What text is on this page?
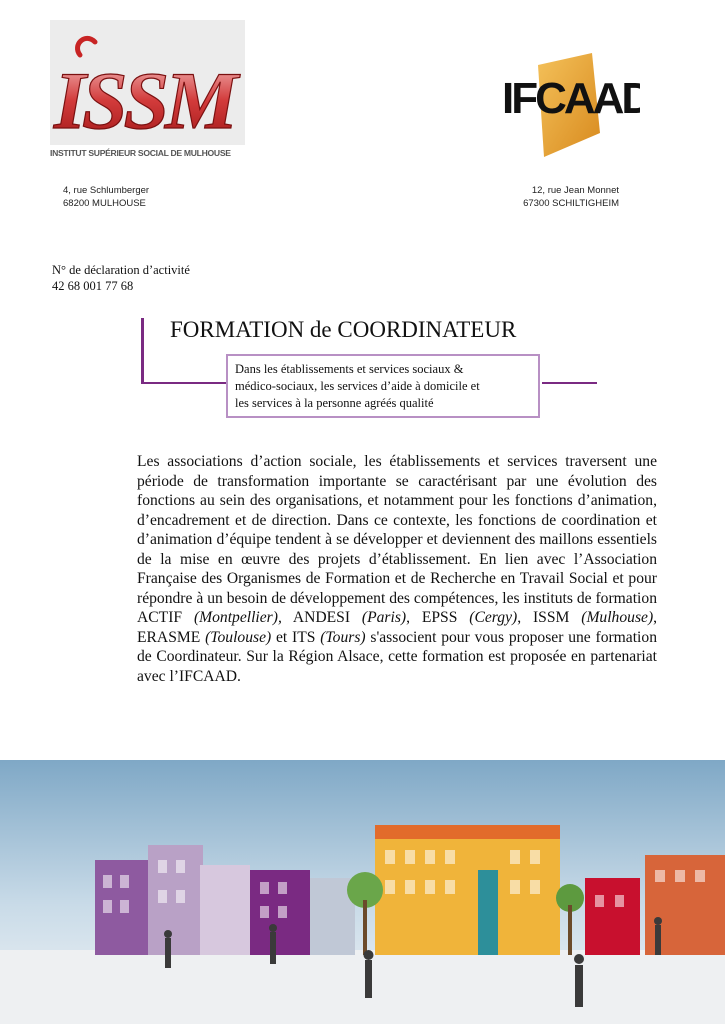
ISSM
INSTITUT SUPÉRIEUR SOCIAL DE MULHOUSE
IFCAAD
4, rue Schlumberger
68200 MULHOUSE
12, rue Jean Monnet
67300 SCHILTIGHEIM
N° de déclaration d’activité
42 68 001 77 68
FORMATION de COORDINATEUR
Dans les établissements et services sociaux &
médico-sociaux, les services d’aide à domicile et
les services à la personne agréés qualité

Les associations d’action sociale, les établissements et services traversent une période de transformation importante se caractérisant par une évolution des fonctions au sein des organisations, et notamment pour les fonctions d’animation, d’encadrement et de direction. Dans ce contexte, les fonctions de coordination et d’animation d’équipe tendent à se développer et deviennent des maillons essentiels de la mise en œuvre des projets d’établissement. En lien avec l’Association Française des Organismes de Formation et de Recherche en Travail Social et pour répondre à un besoin de développement des compétences, les instituts de formation ACTIF (Montpellier), ANDESI (Paris), EPSS (Cergy), ISSM (Mulhouse), ERASME (Toulouse) et ITS (Tours) s'associent pour vous proposer une formation de Coordinateur. Sur la Région Alsace, cette formation est proposée en partenariat avec l’IFCAAD.
